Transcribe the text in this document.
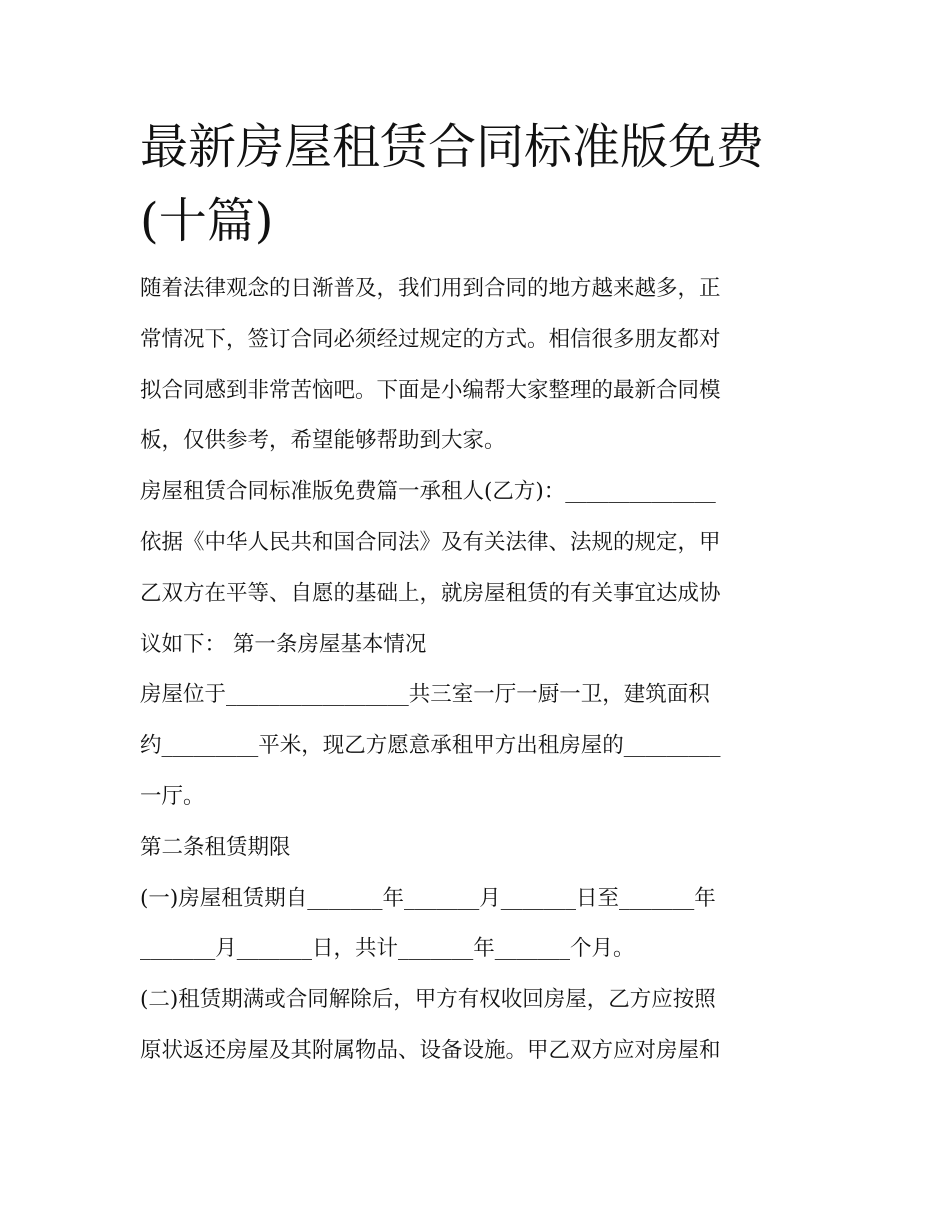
最新房屋租赁合同标准版免费
(十篇)
随着法律观念的日渐普及，我们用到合同的地方越来越多，正
常情况下，签订合同必须经过规定的方式。相信很多朋友都对
拟合同感到非常苦恼吧。下面是小编帮大家整理的最新合同模
板，仅供参考，希望能够帮助到大家。
房屋租赁合同标准版免费篇一承租人(乙方)：______________
依据《中华人民共和国合同法》及有关法律、法规的规定，甲
乙双方在平等、自愿的基础上，就房屋租赁的有关事宜达成协
议如下： 第一条房屋基本情况
房屋位于_________________共三室一厅一厨一卫，建筑面积
约_________平米，现乙方愿意承租甲方出租房屋的_________
一厅。
第二条租赁期限
(一)房屋租赁期自_______年_______月_______日至_______年
_______月_______日，共计_______年_______个月。
(二)租赁期满或合同解除后，甲方有权收回房屋，乙方应按照
原状返还房屋及其附属物品、设备设施。甲乙双方应对房屋和
